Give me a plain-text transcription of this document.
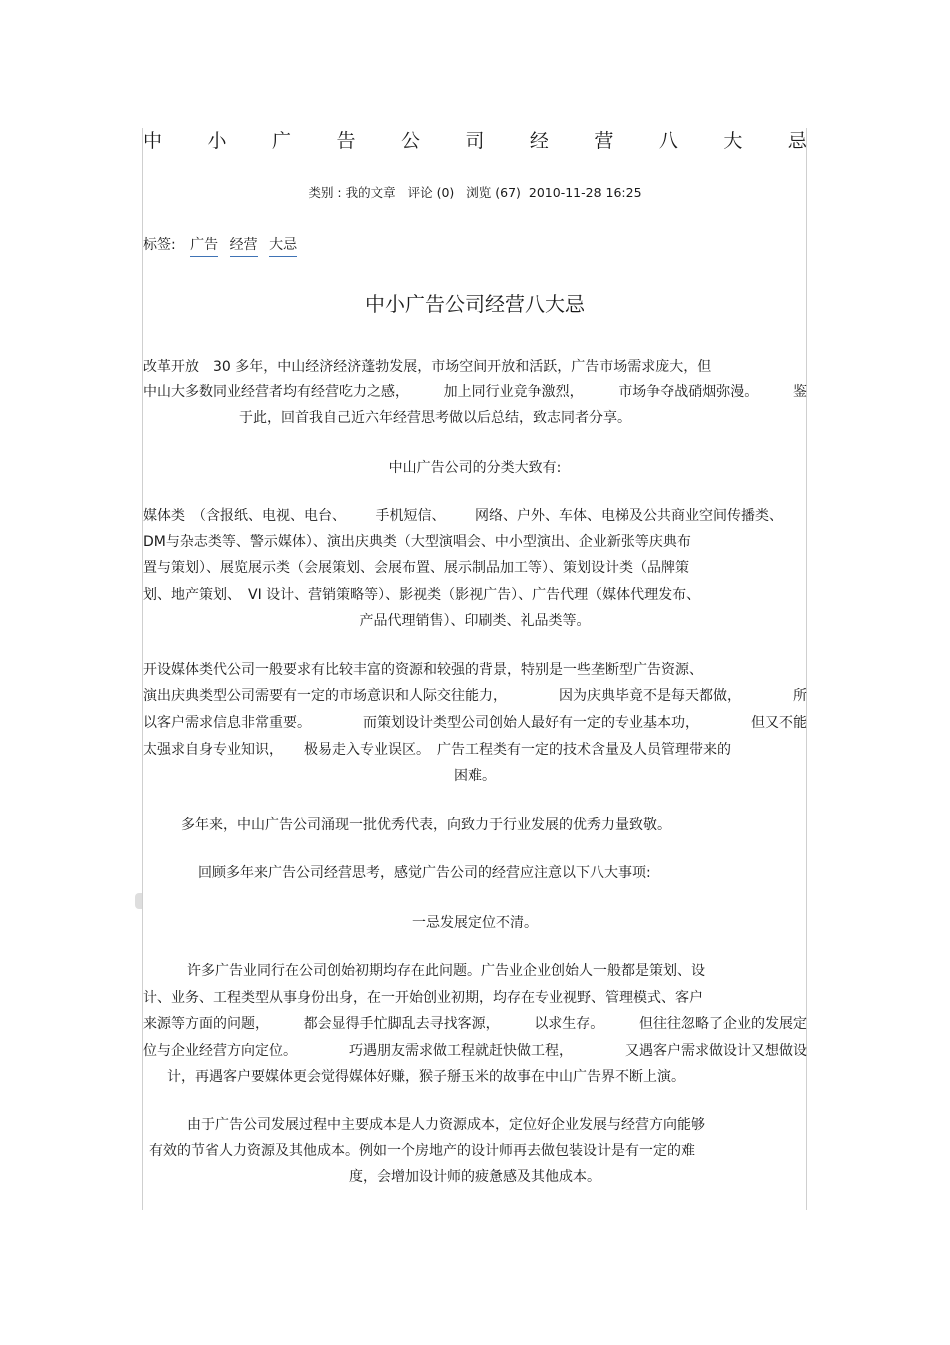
中 小 广 告 公 司 经 营 八 大 忌
类别 : 我的文章 评论 (0) 浏览 (67) 2010-11-28 16:25
标签: 广告 经营 大忌
中小广告公司经营八大忌
改革开放　30 多年，中山经济经济蓬勃发展，市场空间开放和活跃，广告市场需求庞大，但
中山大多数同业经营者均有经营吃力之感， 加上同行业竞争激烈， 市场争夺战硝烟弥漫。 鉴
于此，回首我自己近六年经营思考做以后总结，致志同者分享。
中山广告公司的分类大致有:
媒体类　（含报纸、电视、电台、 手机短信、 网络、户外、车体、电梯及公共商业空间传播类、
DM与杂志类等、警示媒体）、演出庆典类（大型演唱会、中小型演出、企业新张等庆典布
置与策划）、展览展示类（会展策划、会展布置、展示制品加工等）、策划设计类（品牌策
划、地产策划、　VI 设计、营销策略等）、影视类（影视广告）、广告代理（媒体代理发布、
产品代理销售）、印刷类、礼品类等。
开设媒体类代公司一般要求有比较丰富的资源和较强的背景，特别是一些垄断型广告资源、
演出庆典类型公司需要有一定的市场意识和人际交往能力，	因为庆典毕竟不是每天都做，	所
以客户需求信息非常重要。	而策划设计类型公司创始人最好有一定的专业基本功，	但又不能
太强求自身专业知识，　　极易走入专业误区。　广告工程类有一定的技术含量及人员管理带来的
困难。
多年来，中山广告公司涌现一批优秀代表，向致力于行业发展的优秀力量致敬。
回顾多年来广告公司经营思考，感觉广告公司的经营应注意以下八大事项:
一忌发展定位不清。
许多广告业同行在公司创始初期均存在此问题。广告业企业创始人一般都是策划、设
计、业务、工程类型从事身份出身，在一开始创业初期，均存在专业视野、管理模式、客户
来源等方面的问题， 都会显得手忙脚乱去寻找客源， 以求生存。 但往往忽略了企业的发展定
位与企业经营方向定位。	巧遇朋友需求做工程就赶快做工程，	又遇客户需求做设计又想做设
计，再遇客户要媒体更会觉得媒体好赚，猴子掰玉米的故事在中山广告界不断上演。
由于广告公司发展过程中主要成本是人力资源成本，定位好企业发展与经营方向能够
有效的节省人力资源及其他成本。例如一个房地产的设计师再去做包装设计是有一定的难
度，会增加设计师的疲惫感及其他成本。
